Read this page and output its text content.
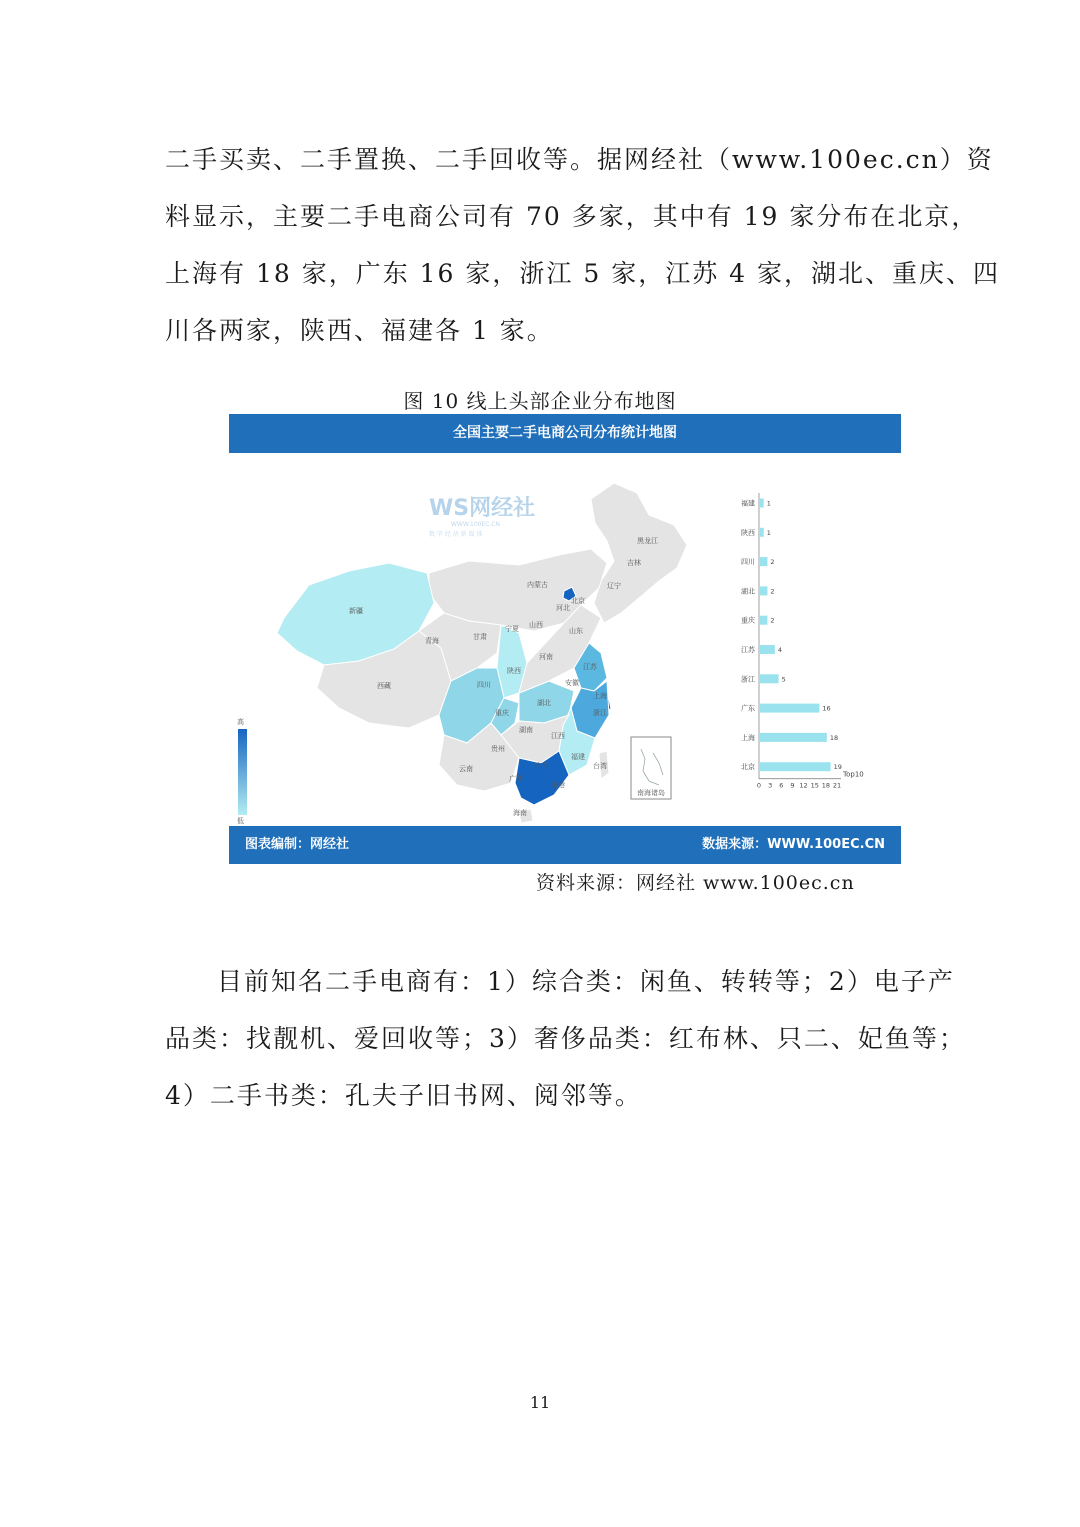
二手买卖、二手置换、二手回收等。据网经社（www.100ec.cn）资
料显示，主要二手电商公司有 70 多家，其中有 19 家分布在北京，
上海有 18 家，广东 16 家，浙江 5 家，江苏 4 家，湖北、重庆、四
川各两家，陕西、福建各 1 家。

图 10 线上头部企业分布地图

全国主要二手电商公司分布统计地图
WS网经社
WWW.100EC.CN
数 字 经 济 新 媒 体
黑龙江
吉林
辽宁
内蒙古
北京
河北
山西
山东
新疆
青海	甘肃
宁夏
陕西
河南
江苏
上海
西藏	四川
重庆
湖北
安徽
浙江
湖南
江西
福建
贵州
云南
广西
广东	台湾
香港
海南
南海诸岛
高
低
福建 1
陕西 1
四川 2
湖北 2
重庆 2
江苏	4
浙江	5
广东	16
上海	18
北京	19
0 3 6 9 12 15 18 21
Top10
图表编制：网经社	数据来源：WWW.100EC.CN

资料来源：网经社 www.100ec.cn

目前知名二手电商有：1）综合类：闲鱼、转转等；2）电子产
品类：找靓机、爱回收等；3）奢侈品类：红布林、只二、妃鱼等；
4）二手书类：孔夫子旧书网、阅邻等。

11
